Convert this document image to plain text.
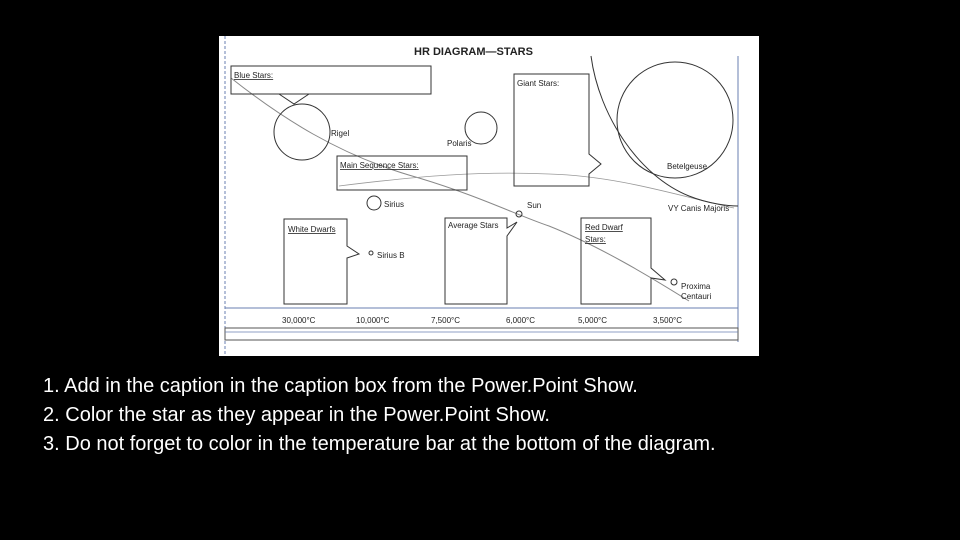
HR DIAGRAM—STARS
Blue Stars:
Rigel
Polaris
Giant Stars:
Betelgeuse
VY Canis Majoris
Main Sequence Stars:
Sirius	Sun
White Dwarfs
Sirius B
Average Stars	Red Dwarf
Stars:
Proxima
Centauri
30,000°C	10,000°C	7,500°C	6,000°C	5,000°C	3,500°C
1. Add in the caption in the caption box from the Power.Point Show.
2. Color the star as they appear in the Power.Point Show.
3. Do not forget to color in the temperature bar at the bottom of the diagram.
